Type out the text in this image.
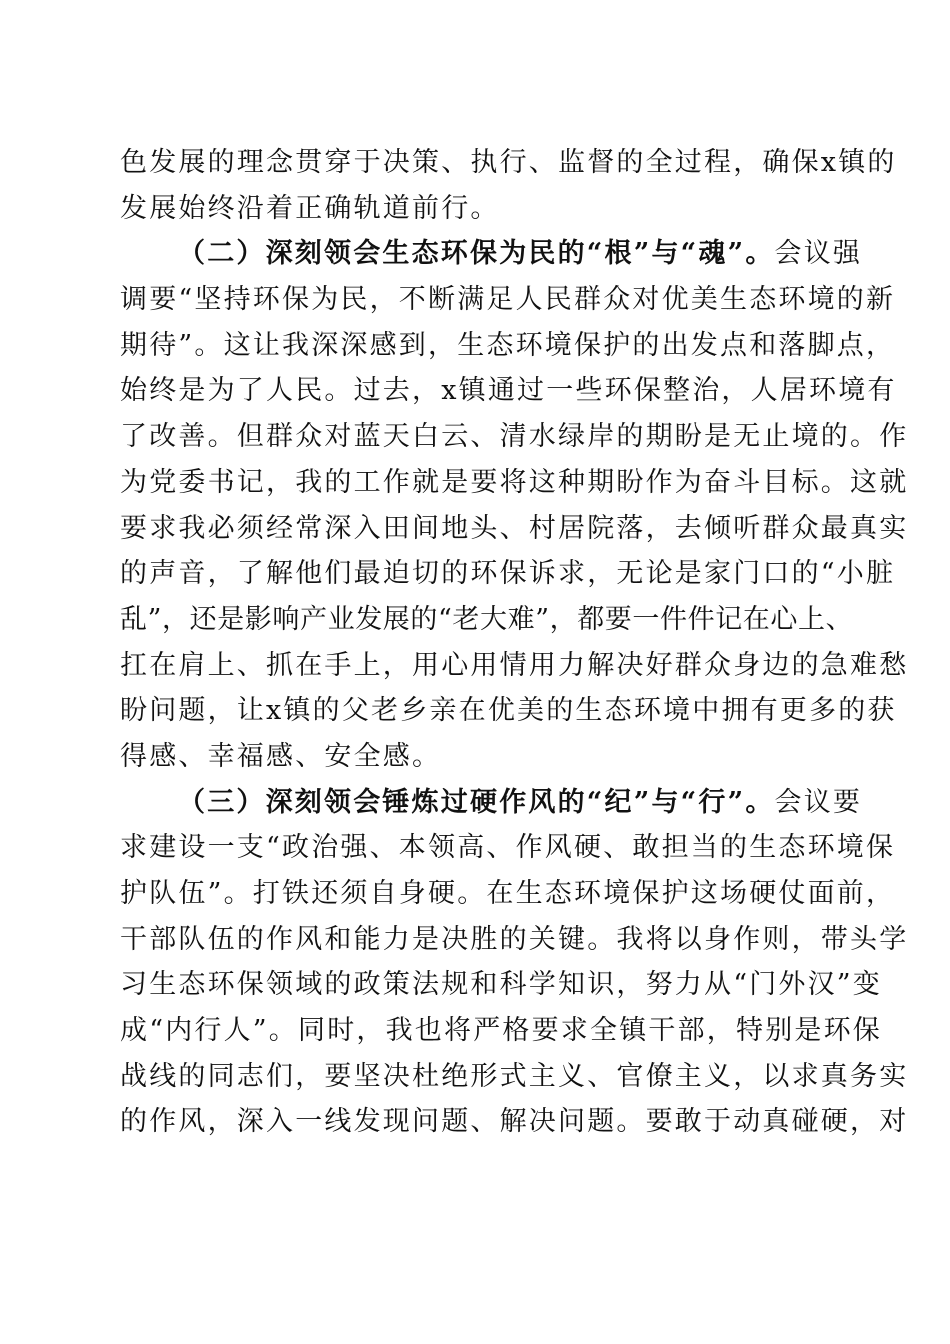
色发展的理念贯穿于决策、执行、监督的全过程，确保x镇的
发展始终沿着正确轨道前行。
（二）深刻领会生态环保为民的“根”与“魂”。会议强
调要“坚持环保为民，不断满足人民群众对优美生态环境的新
期待”。这让我深深感到，生态环境保护的出发点和落脚点，
始终是为了人民。过去，x镇通过一些环保整治，人居环境有
了改善。但群众对蓝天白云、清水绿岸的期盼是无止境的。作
为党委书记，我的工作就是要将这种期盼作为奋斗目标。这就
要求我必须经常深入田间地头、村居院落，去倾听群众最真实
的声音，了解他们最迫切的环保诉求，无论是家门口的“小脏
乱”，还是影响产业发展的“老大难”，都要一件件记在心上、
扛在肩上、抓在手上，用心用情用力解决好群众身边的急难愁
盼问题，让x镇的父老乡亲在优美的生态环境中拥有更多的获
得感、幸福感、安全感。
（三）深刻领会锤炼过硬作风的“纪”与“行”。会议要
求建设一支“政治强、本领高、作风硬、敢担当的生态环境保
护队伍”。打铁还须自身硬。在生态环境保护这场硬仗面前，
干部队伍的作风和能力是决胜的关键。我将以身作则，带头学
习生态环保领域的政策法规和科学知识，努力从“门外汉”变
成“内行人”。同时，我也将严格要求全镇干部，特别是环保
战线的同志们，要坚决杜绝形式主义、官僚主义，以求真务实
的作风，深入一线发现问题、解决问题。要敢于动真碰硬，对
